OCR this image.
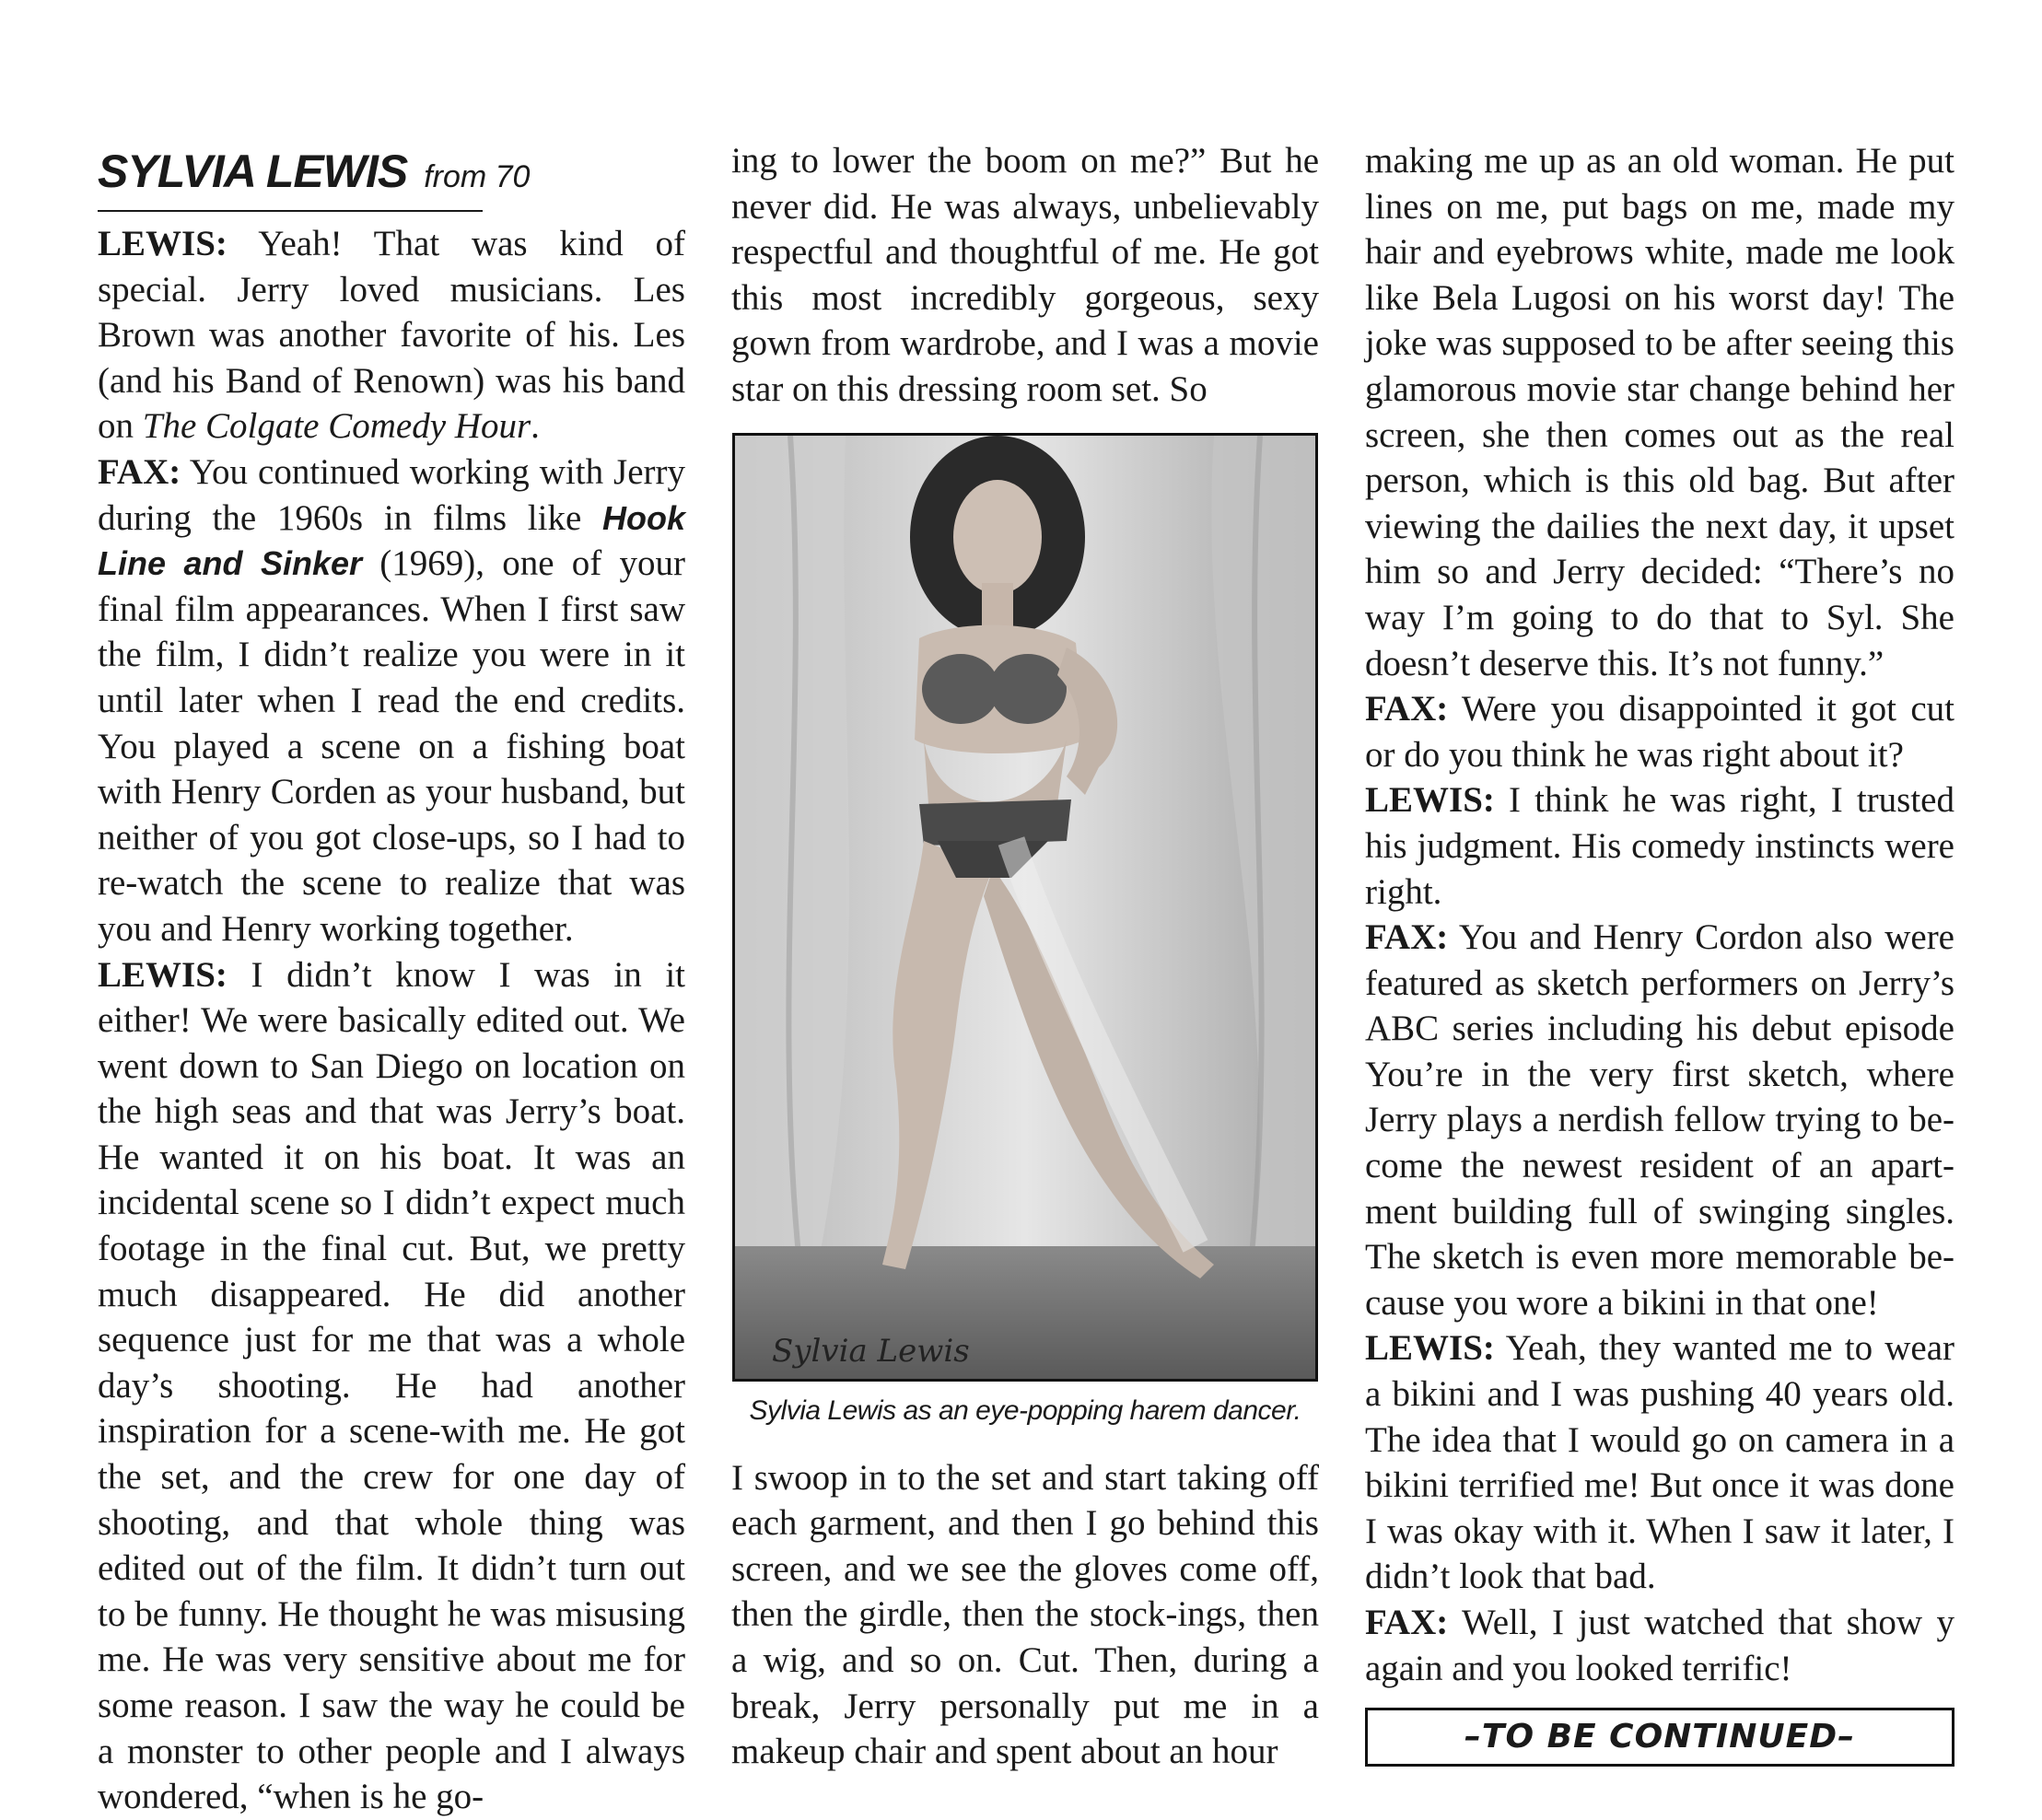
SYLVIA LEWIS from 70

LEWIS: Yeah! That was kind of special. Jerry loved musicians. Les Brown was another favorite of his. Les (and his Band of Renown) was his band on The Colgate Comedy Hour.

FAX: You continued working with Jerry during the 1960s in films like Hook Line and Sinker (1969), one of your final film appearances. When I first saw the film, I didn’t realize you were in it until later when I read the end credits. You played a scene on a fishing boat with Henry Corden as your husband, but neither of you got close-ups, so I had to re-watch the scene to realize that was you and Henry working together.

LEWIS: I didn’t know I was in it either! We were basically edited out. We went down to San Diego on location on the high seas and that was Jerry’s boat. He wanted it on his boat. It was an incidental scene so I didn’t expect much footage in the final cut. But, we pretty much disappeared. He did another sequence just for me that was a whole day’s shooting. He had another inspiration for a scene-with me. He got the set, and the crew for one day of shooting, and that whole thing was edited out of the film. It didn’t turn out to be funny. He thought he was misusing me. He was very sensitive about me for some reason. I saw the way he could be a monster to other people and I always wondered, “when is he go-

ing to lower the boom on me?” But he never did. He was always, unbelievably respectful and thoughtful of me. He got this most incredibly gorgeous, sexy gown from wardrobe, and I was a movie star on this dressing room set. So

Sylvia Lewis
Sylvia Lewis as an eye-popping harem dancer.

I swoop in to the set and start taking off each garment, and then I go behind this screen, and we see the gloves come off, then the girdle, then the stock-ings, then a wig, and so on. Cut. Then, during a break, Jerry personally put me in a makeup chair and spent about an hour

making me up as an old woman. He put lines on me, put bags on me, made my hair and eyebrows white, made me look like Bela Lugosi on his worst day! The joke was supposed to be after seeing this glamorous movie star change behind her screen, she then comes out as the real person, which is this old bag. But after viewing the dailies the next day, it upset him so and Jerry decided: “There’s no way I’m going to do that to Syl. She doesn’t deserve this. It’s not funny.”

FAX: Were you disappointed it got cut or do you think he was right about it?

LEWIS: I think he was right, I trusted his judgment. His comedy instincts were right.

FAX: You and Henry Cordon also were featured as sketch performers on Jerry’s ABC series including his debut episode You’re in the very first sketch, where Jerry plays a nerdish fellow trying to become the newest resident of an apartment building full of swinging singles. The sketch is even more memorable because you wore a bikini in that one!

LEWIS: Yeah, they wanted me to wear a bikini and I was pushing 40 years old. The idea that I would go on camera in a bikini terrified me! But once it was done I was okay with it. When I saw it later, I didn’t look that bad.

FAX: Well, I just watched that show y again and you looked terrific!

–TO BE CONTINUED–
